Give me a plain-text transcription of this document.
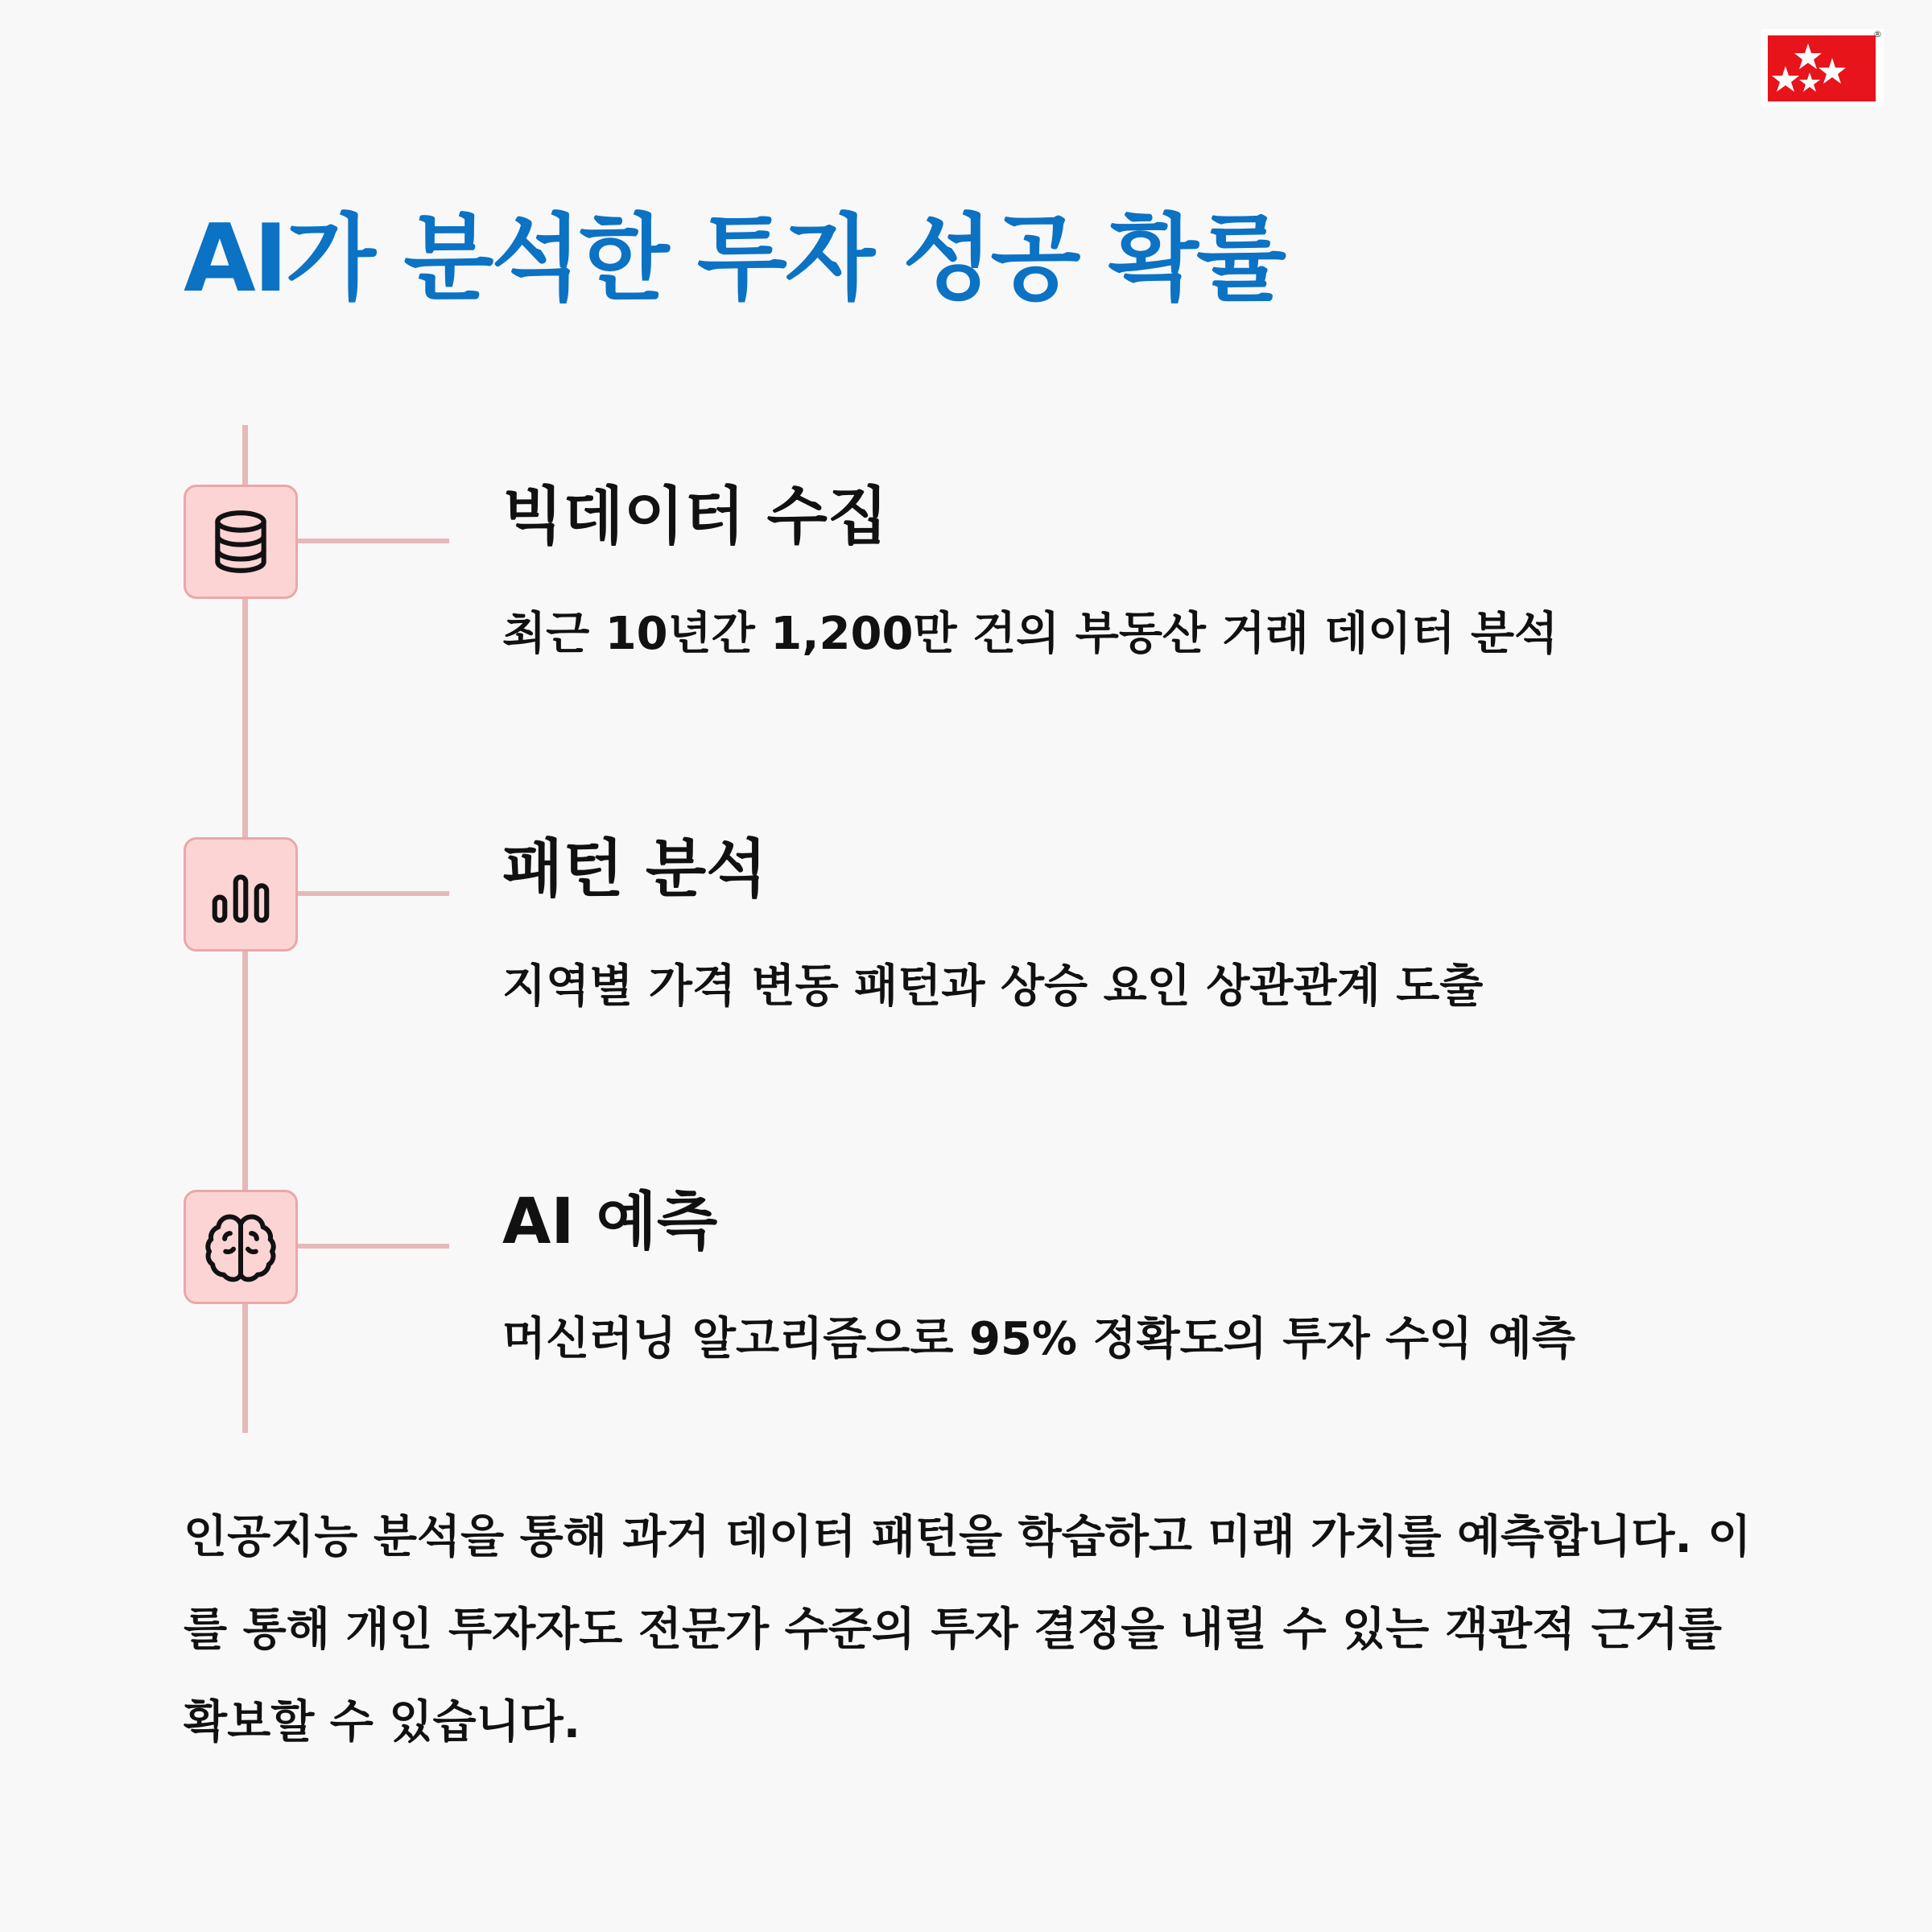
®
AI가 분석한 투자 성공 확률
빅데이터 수집

최근 10년간 1,200만 건의 부동산 거래 데이터 분석

패턴 분석

지역별 가격 변동 패턴과 상승 요인 상관관계 도출

AI 예측

머신러닝 알고리즘으로 95% 정확도의 투자 수익 예측

인공지능 분석을 통해 과거 데이터 패턴을 학습하고 미래 가치를 예측합니다. 이를 통해 개인 투자자도 전문가 수준의 투자 결정을 내릴 수 있는 객관적 근거를 확보할 수 있습니다.
